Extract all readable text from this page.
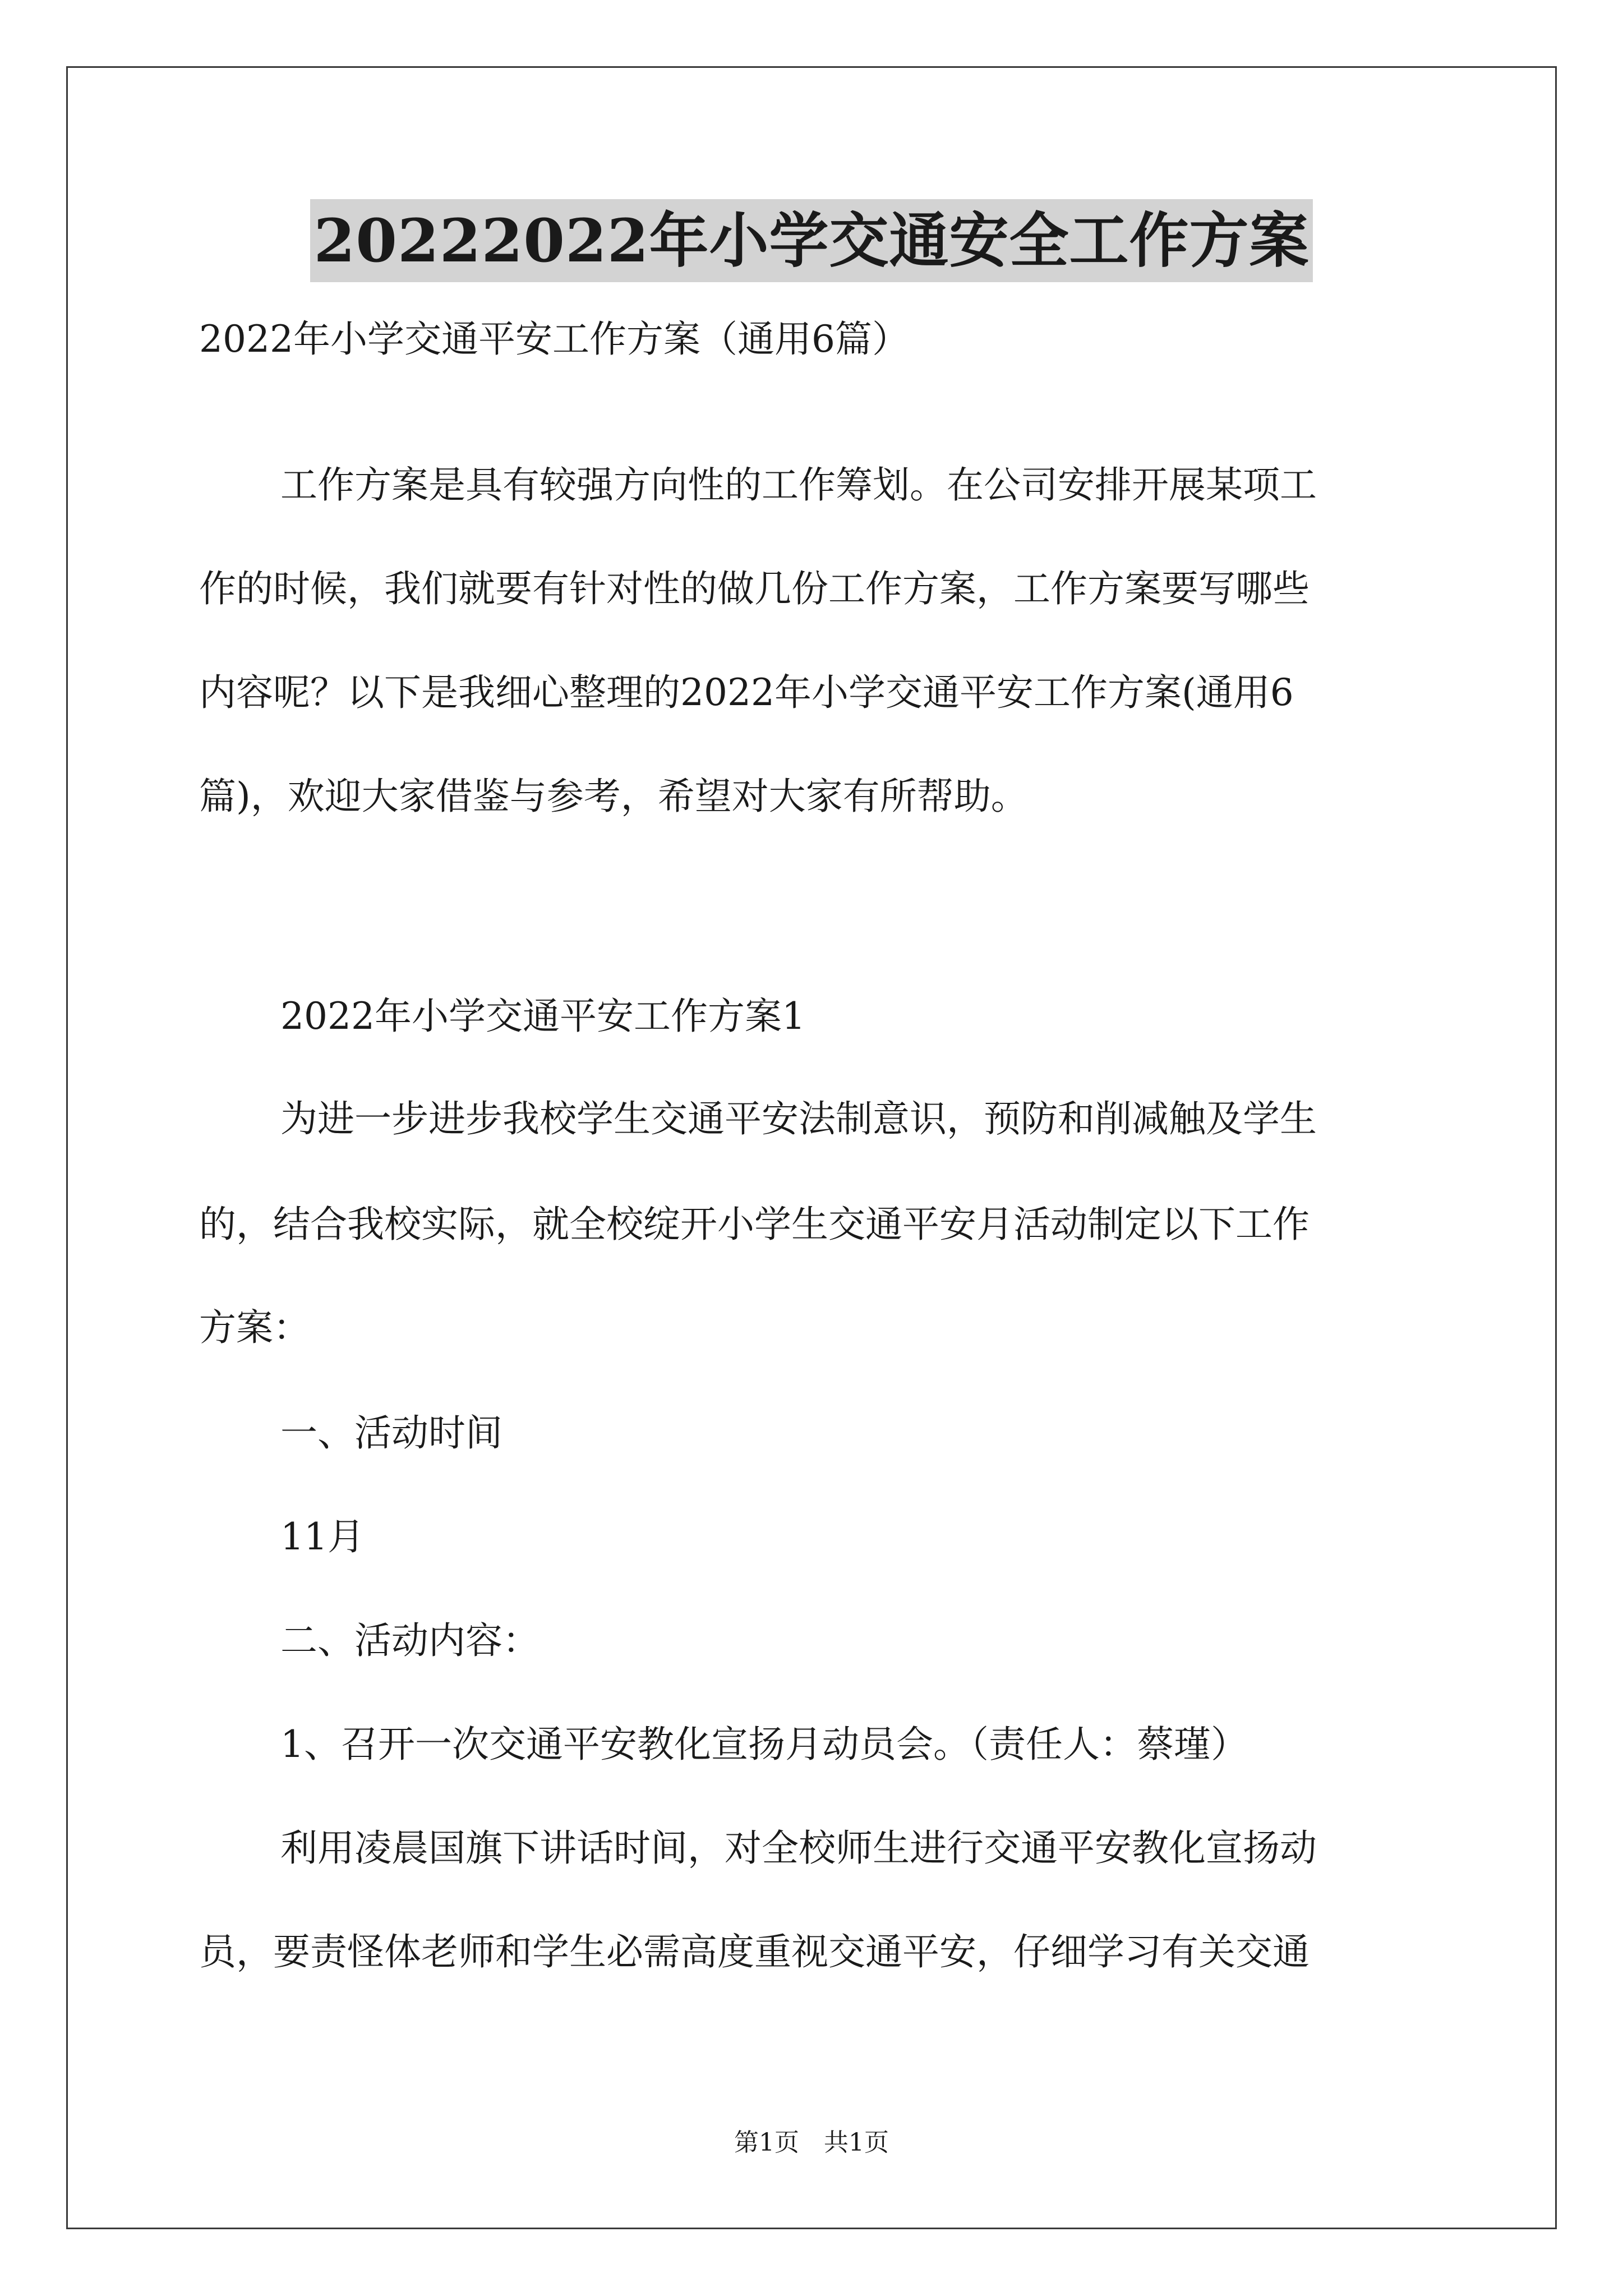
20222022年小学交通安全工作方案
2022年小学交通平安工作方案（通用6篇）
工作方案是具有较强方向性的工作筹划。在公司安排开展某项工
作的时候，我们就要有针对性的做几份工作方案，工作方案要写哪些
内容呢？以下是我细心整理的2022年小学交通平安工作方案(通用6
篇)，欢迎大家借鉴与参考，希望对大家有所帮助。
2022年小学交通平安工作方案1
为进一步进步我校学生交通平安法制意识，预防和削减触及学生
的，结合我校实际，就全校绽开小学生交通平安月活动制定以下工作
方案：
一、活动时间
11月
二、活动内容：
1、召开一次交通平安教化宣扬月动员会。（责任人：蔡瑾）
利用凌晨国旗下讲话时间，对全校师生进行交通平安教化宣扬动
员，要责怪体老师和学生必需高度重视交通平安，仔细学习有关交通
第1页　共1页
